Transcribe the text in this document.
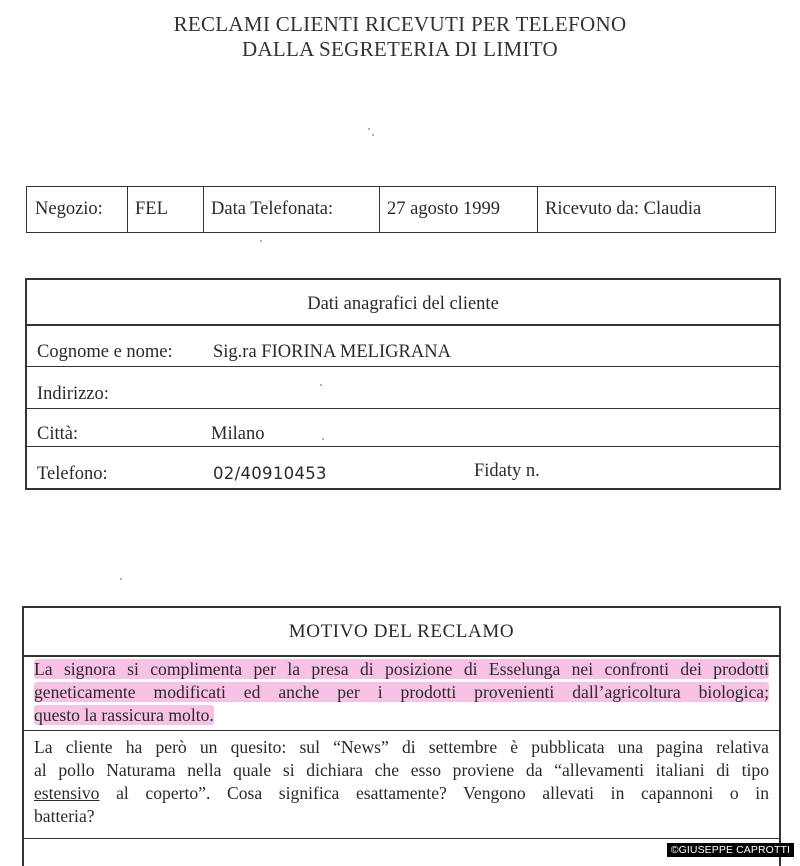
RECLAMI CLIENTI RICEVUTI PER TELEFONO
DALLA SEGRETERIA DI LIMITO
Negozio:	FEL	Data Telefonata:	27 agosto 1999	Ricevuto da: Claudia
Dati anagrafici del cliente
Cognome e nome: Sig.ra FIORINA MELIGRANA
Indirizzo:
Città:	Milano
Telefono:	02/40910453	Fidaty n.
MOTIVO DEL RECLAMO
La signora si complimenta per la presa di posizione di Esselunga nei confronti dei prodotti
geneticamente modificati ed anche per i prodotti provenienti dall’agricoltura biologica;
questo la rassicura molto.
La cliente ha però un quesito: sul “News” di settembre è pubblicata una pagina relativa
al pollo Naturama nella quale si dichiara che esso proviene da “allevamenti italiani di tipo
estensivo al coperto”. Cosa significa esattamente? Vengono allevati in capannoni o in
batteria?
©GIUSEPPE CAPROTTI
